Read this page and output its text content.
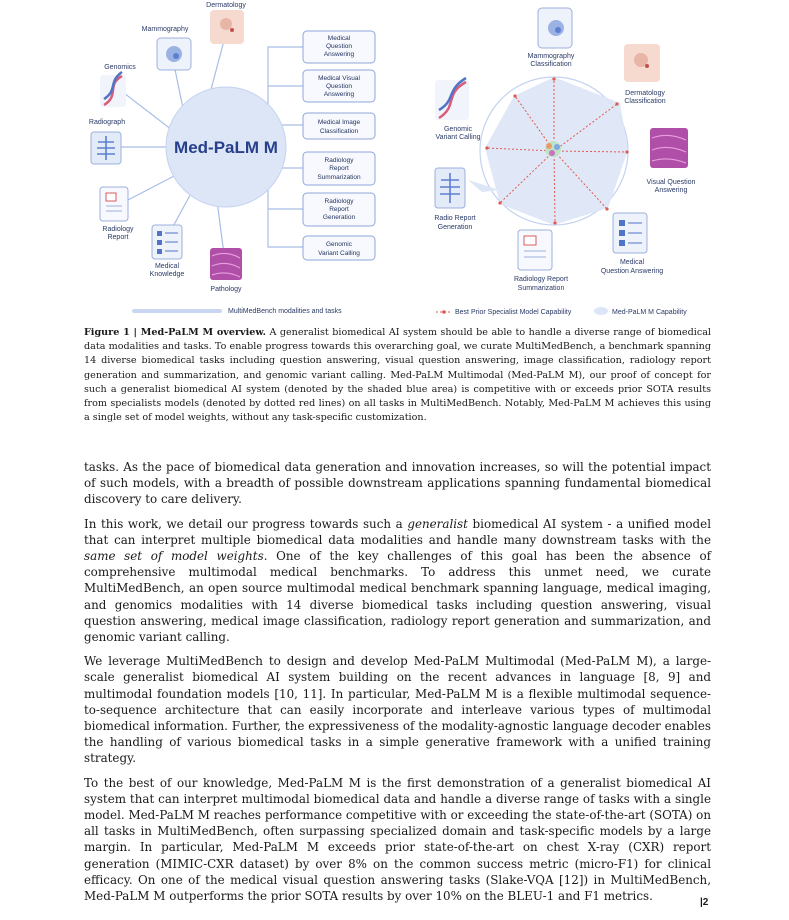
Med-PaLM M
Medical
Question
Answering
Medical Visual
Question
Answering
Medical Image
Classification
Radiology
Report
Summarization
Radiology
Report
Generation
Genomic
Variant Calling
Dermatology
Mammography
Genomics
Radiograph
Radiology
Report
Medical
Knowledge
Pathology
MultiMedBench modalities and tasks
Mammography
Classification
Dermatology
Classification
Genomic
Variant Calling
Visual Question
Answering
Radio Report
Generation
Medical
Question Answering
Radiology Report
Summarization
Best Prior Specialist Model Capability	Med-PaLM M Capability
Figure 1 | Med-PaLM M overview. A generalist biomedical AI system should be able to handle a diverse range of biomedical data modalities and tasks. To enable progress towards this overarching goal, we curate MultiMedBench, a benchmark spanning 14 diverse biomedical tasks including question answering, visual question answering, image classification, radiology report generation and summarization, and genomic variant calling. Med-PaLM Multimodal (Med-PaLM M), our proof of concept for such a generalist biomedical AI system (denoted by the shaded blue area) is competitive with or exceeds prior SOTA results from specialists models (denoted by dotted red lines) on all tasks in MultiMedBench. Notably, Med-PaLM M achieves this using a single set of model weights, without any task-specific customization.

tasks. As the pace of biomedical data generation and innovation increases, so will the potential impact of such models, with a breadth of possible downstream applications spanning fundamental biomedical discovery to care delivery.

In this work, we detail our progress towards such a generalist biomedical AI system - a unified model that can interpret multiple biomedical data modalities and handle many downstream tasks with the same set of model weights. One of the key challenges of this goal has been the absence of comprehensive multimodal medical benchmarks. To address this unmet need, we curate MultiMedBench, an open source multimodal medical benchmark spanning language, medical imaging, and genomics modalities with 14 diverse biomedical tasks including question answering, visual question answering, medical image classification, radiology report generation and summarization, and genomic variant calling.

We leverage MultiMedBench to design and develop Med-PaLM Multimodal (Med-PaLM M), a large-scale generalist biomedical AI system building on the recent advances in language [8, 9] and multimodal foundation models [10, 11]. In particular, Med-PaLM M is a flexible multimodal sequence-to-sequence architecture that can easily incorporate and interleave various types of multimodal biomedical information. Further, the expressiveness of the modality-agnostic language decoder enables the handling of various biomedical tasks in a simple generative framework with a unified training strategy.

To the best of our knowledge, Med-PaLM M is the first demonstration of a generalist biomedical AI system that can interpret multimodal biomedical data and handle a diverse range of tasks with a single model. Med-PaLM M reaches performance competitive with or exceeding the state-of-the-art (SOTA) on all tasks in MultiMedBench, often surpassing specialized domain and task-specific models by a large margin. In particular, Med-PaLM M exceeds prior state-of-the-art on chest X-ray (CXR) report generation (MIMIC-CXR dataset) by over 8% on the common success metric (micro-F1) for clinical efficacy. On one of the medical visual question answering tasks (Slake-VQA [12]) in MultiMedBench, Med-PaLM M outperforms the prior SOTA results by over 10% on the BLEU-1 and F1 metrics.	|2
